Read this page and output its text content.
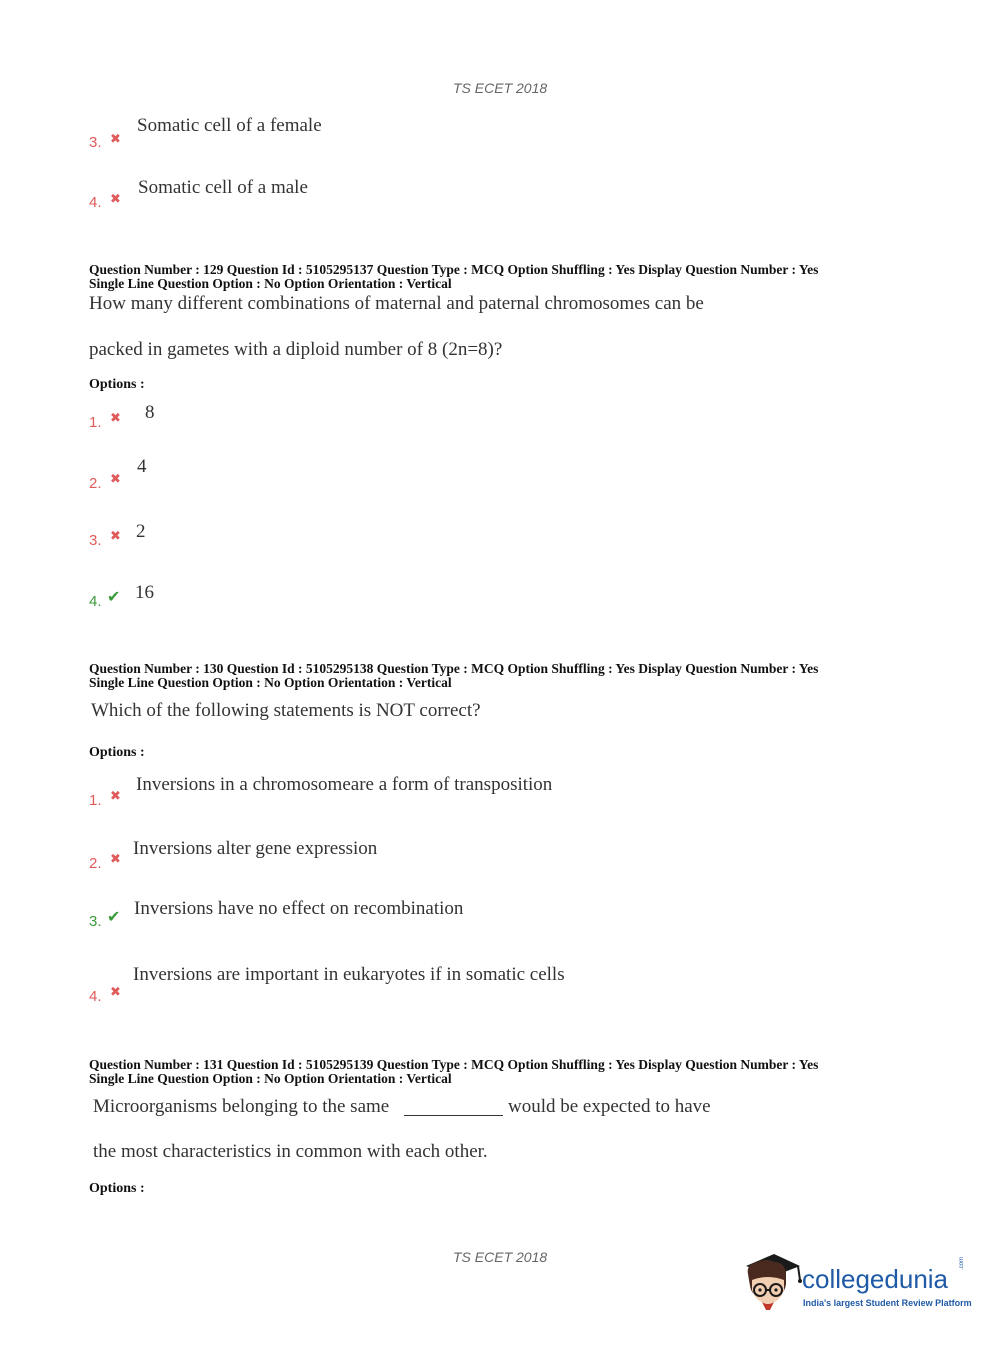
TS ECET 2018
3. ✖
Somatic cell of a female
4. ✖
Somatic cell of a male
Question Number : 129 Question Id : 5105295137 Question Type : MCQ Option Shuffling : Yes Display Question Number : Yes
Single Line Question Option : No Option Orientation : Vertical
How many different combinations of maternal and paternal chromosomes can be
packed in gametes with a diploid number of 8 (2n=8)?
Options :
1. ✖ 8
2. ✖
4
3. ✖ 2
4. ✔ 16
Question Number : 130 Question Id : 5105295138 Question Type : MCQ Option Shuffling : Yes Display Question Number : Yes
Single Line Question Option : No Option Orientation : Vertical
Which of the following statements is NOT correct?
Options :
1. ✖
Inversions in a chromosomeare a form of transposition
2. ✖
Inversions alter gene expression
3. ✔ Inversions have no effect on recombination
4. ✖
Inversions are important in eukaryotes if in somatic cells
Question Number : 131 Question Id : 5105295139 Question Type : MCQ Option Shuffling : Yes Display Question Number : Yes
Single Line Question Option : No Option Orientation : Vertical
Microorganisms belonging to the same	would be expected to have
the most characteristics in common with each other.
Options :
TS ECET 2018
collegedunia
.com
India's largest Student Review Platform
